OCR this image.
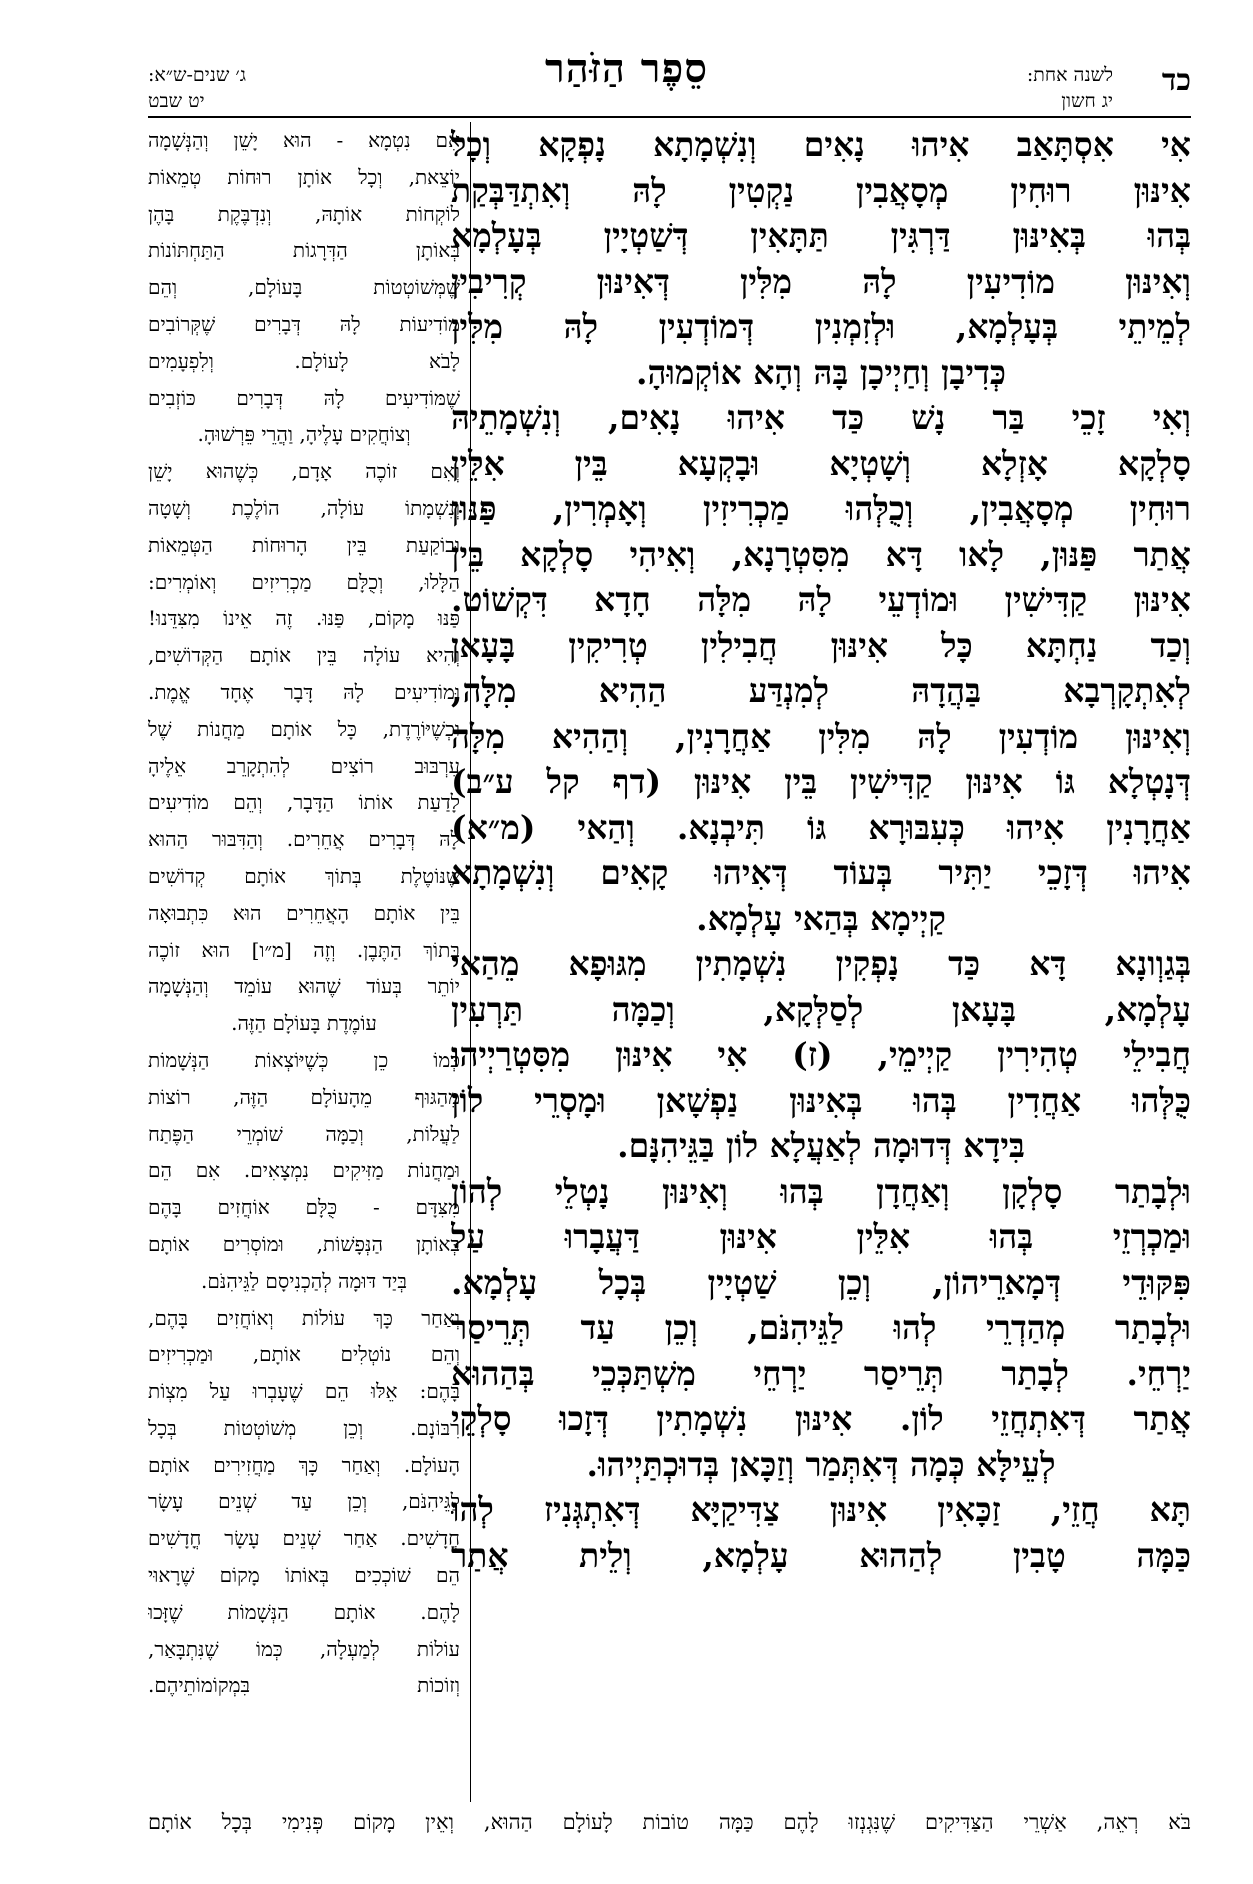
כד
לשנה אחת:
יג חשון
סֵפֶר הַזֹּהַר
ג׳ שנים-ש״א:
יט שבט
אִי אִסְתָּאַב אִיהוּ נָאִים וְנִשְׁמָתָא נָפְקָא וְכָל
אִינּוּן רוּחִין מְסָאֲבִין נַקְטִין לָהּ וְאִתְדַּבְּקַת
בְּהוּ בְּאִינּוּן דַּרְגִּין תַּתָּאִין דְּשַׁטְיָין בְּעָלְמָא
וְאִינּוּן מוֹדִיעִין לָהּ מִלִּין דְּאִינּוּן קְרִיבִין
לְמֵיתֵי בְּעָלְמָא, וּלְזִמְנִין דְּמוֹדְעִין לָהּ מִלִּין
כְּדִיבָן וְחַיְיכָן בָּהּ וְהָא אוֹקְמוּהָ.
וְאִי זָכֵי בַּר נָשׁ כַּד אִיהוּ נָאִים, וְנִשְׁמָתֵיהּ
סָלְקָא אָזְלָא וְשָׁטְיָא וּבָקְעָא בֵּין אִלֵּין
רוּחִין מְסָאֲבִין, וְכֻלְּהוּ מַכְרִיזִין וְאָמְרִין, פַּנּוּן
אֲתַר פַּנּוּן, לָאו דָּא מִסִּטְרָנָא, וְאִיהִי סָלְקָא בֵּין
אִינּוּן קַדִּישִׁין וּמוֹדְעֵי לָהּ מִלָּה חָדָא דִּקְשׁוֹט.
וְכַד נַחְתָּא כָּל אִינּוּן חֲבִילִין טְרִיקִין בָּעָאן
לְאִתְקָרְבָא בַּהֲדָהּ לְמִנְדַּע הַהִיא מִלָּה,
וְאִינּוּן מוֹדְעִין לָהּ מִלִּין אַחֲרָנִין, וְהַהִיא מִלָּה
דְּנָטְלָא גּוֹ אִינּוּן קַדִּישִׁין בֵּין אִינּוּן (דף קל ע״ב)
אַחֲרָנִין אִיהוּ כְּעִבּוּרָא גּוֹ תִּיבְנָא. וְהַאי (מ״א)
אִיהוּ דְּזָכֵי יַתִּיר בְּעוֹד דְּאִיהוּ קָאִים וְנִשְׁמָתָא
קַיְימָא בְּהַאי עָלְמָא.
בְּגַוְונָא דָּא כַּד נָפְקִין נִשְׁמָתִין מִגּוּפָא מֵהַאי
עָלְמָא, בָּעָאן לְסַלְּקָא, וְכַמָּה תַּרְעִין
חֲבִילֵי טְהִירִין קַיְימֵי, (ז) אִי אִינּוּן מִסִּטְרַיְיהוּ
כֻּלְּהוּ אַחֲדִין בְּהוּ בְּאִינּוּן נַפְשָׁאן וּמָסְרֵי לוֹן
בִּידָא דְּדוּמָה לְאַעֲלָא לוֹן בַּגֵּיהִנָּם.
וּלְבָתַר סָלְקָן וְאַחֲדָן בְּהוּ וְאִינּוּן נָטְלֵי לְהוֹן
וּמַכְרְזֵי בְּהוּ אִלֵּין אִינּוּן דַּעֲבָרוּ עַל
פִּקּוּדֵי דְּמָארֵיהוֹן, וְכֵן שַׁטְיָין בְּכָל עָלְמָא.
וּלְבָתַר מְהַדְרֵי לְהוּ לַגֵּיהִנֹּם, וְכֵן עַד תְּרֵיסַר
יַרְחֵי. לְבָתַר תְּרֵיסַר יַרְחֵי מִשְׁתַּכְּכֵי בְּהַהוּא
אֲתַר דְּאִתְחֲזֵי לוֹן. אִינּוּן נִשְׁמָתִין דְּזָכוּ סָלְקֵי
לְעֵילָּא כְּמָה דְּאִתְּמַר וְזַכָּאן בְּדוּכְתַּיְיהוּ.
תָּא חֲזֵי, זַכָּאִין אִינּוּן צַדִּיקַיָּא דְּאִתְגְּנִיז לְהוּ
כַּמָּה טָבִין לְהַהוּא עָלְמָא, וְלֵית אֲתַר
אִם נִטְמָא - הוּא יָשֵׁן וְהַנְּשָׁמָה
יוֹצֵאת, וְכָל אוֹתָן רוּחוֹת טְמֵאוֹת
לוֹקְחוֹת אוֹתָהּ, וְנִדְבֶּקֶת בָּהֶן
בְּאוֹתָן הַדְּרָגוֹת הַתַּחְתּוֹנוֹת
שֶׁמְּשׁוֹטְטוֹת בָּעוֹלָם, וְהֵם
מוֹדִיעוֹת לָהּ דְּבָרִים שֶׁקְּרוֹבִים
לָבֹא לָעוֹלָם. וְלִפְעָמִים
שֶׁמּוֹדִיעִים לָהּ דְּבָרִים כּוֹזְבִים
וְצוֹחֲקִים עָלֶיהָ, וַהֲרֵי פֵּרְשׁוּהָ.
וְאִם זוֹכֶה אָדָם, כְּשֶׁהוּא יָשֵׁן
וְנִשְׁמָתוֹ עוֹלָה, הוֹלֶכֶת וְשָׁטָה
וּבוֹקַעַת בֵּין הָרוּחוֹת הַטְּמֵאוֹת
הַלָּלוּ, וְכֻלָּם מַכְרִיזִים וְאוֹמְרִים:
פַּנּוּ מָקוֹם, פַּנּוּ. זֶה אֵינוֹ מִצִּדֵּנוּ!
וְהִיא עוֹלָה בֵּין אוֹתָם הַקְּדוֹשִׁים,
וּמוֹדִיעִים לָהּ דָּבָר אֶחָד אֱמֶת.
וּכְשֶׁיּוֹרֶדֶת, כָּל אוֹתָם מַחֲנוֹת שֶׁל
עִרְבּוּב רוֹצִים לְהִתְקָרֵב אֵלֶיהָ
לָדַעַת אוֹתוֹ הַדָּבָר, וְהֵם מוֹדִיעִים
לָהּ דְּבָרִים אֲחֵרִים. וְהַדִּבּוּר הַהוּא
שֶׁנּוֹטֶלֶת בְּתוֹךְ אוֹתָם קְדוֹשִׁים
בֵּין אוֹתָם הָאֲחֵרִים הוּא כִּתְבוּאָה
בְּתוֹךְ הַתֶּבֶן. וְזֶה [מ״ו] הוּא זוֹכֶה
יוֹתֵר בְּעוֹד שֶׁהוּא עוֹמֵד וְהַנְּשָׁמָה
עוֹמֶדֶת בָּעוֹלָם הַזֶּה.
כְּמוֹ כֵן כְּשֶׁיּוֹצְאוֹת הַנְּשָׁמוֹת
מֵהַגּוּף מֵהָעוֹלָם הַזֶּה, רוֹצוֹת
לַעֲלוֹת, וְכַמָּה שׁוֹמְרֵי הַפֶּתַח
וּמַחֲנוֹת מַזִּיקִים נִמְצָאִים. אִם הֵם
מִצִּדָּם - כֻּלָּם אוֹחֲזִים בָּהֶם
בְּאוֹתָן הַנְּפָשׁוֹת, וּמוֹסְרִים אוֹתָם
בְּיַד דּוּמָה לְהַכְנִיסָם לַגֵּיהִנֹּם.
וְאַחַר כָּךְ עוֹלוֹת וְאוֹחֲזִים בָּהֶם,
וְהֵם נוֹטְלִים אוֹתָם, וּמַכְרִיזִים
בָּהֶם: אֵלּוּ הֵם שֶׁעָבְרוּ עַל מִצְוֹת
רִבּוֹנָם. וְכֵן מְשׁוֹטְטוֹת בְּכָל
הָעוֹלָם. וְאַחַר כָּךְ מַחֲזִירִים אוֹתָם
לַגֵּיהִנֹּם, וְכֵן עַד שְׁנֵים עָשָׂר
חֳדָשִׁים. אַחַר שְׁנֵים עָשָׂר חֳדָשִׁים
הֵם שׁוֹכְכִים בְּאוֹתוֹ מָקוֹם שֶׁרָאוּי
לָהֶם. אוֹתָם הַנְּשָׁמוֹת שֶׁזָּכוּ
עוֹלוֹת לְמַעְלָה, כְּמוֹ שֶׁנִּתְבָּאַר,
וְזוֹכוֹת בִּמְקוֹמוֹתֵיהֶם.
בֹּא רְאֵה, אַשְׁרֵי הַצַּדִּיקִים שֶׁנִּגְנְזוּ לָהֶם כַּמָּה טוֹבוֹת לָעוֹלָם הַהוּא, וְאֵין מָקוֹם פְּנִימִי בְּכָל אוֹתָם
